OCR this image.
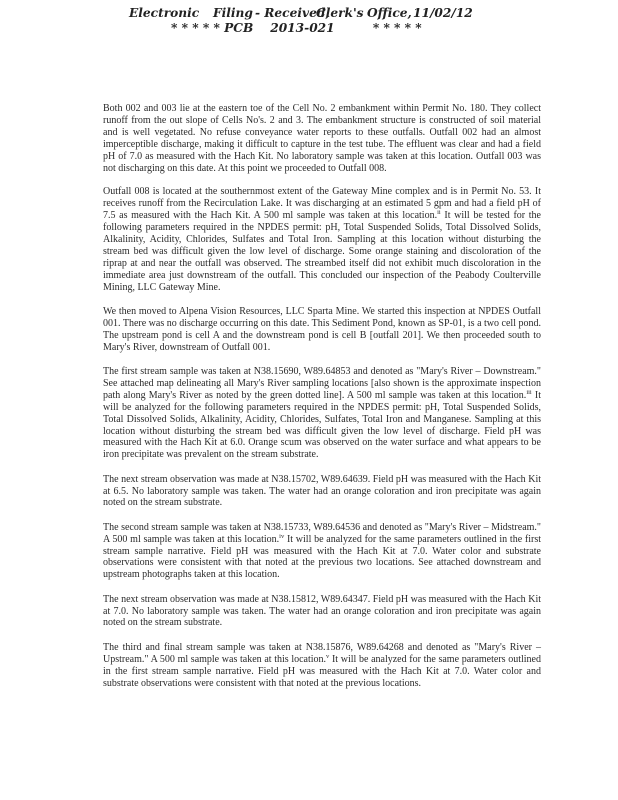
Electronic Filing - Received,
Clerk's Office, 11/02/12
* * * * * PCB    2013-021         * * * * *

Both 002 and 003 lie at the eastern toe of the Cell No. 2 embankment within Permit No. 180. They collect runoff from the out slope of Cells No's. 2 and 3. The embankment structure is constructed of soil material and is well vegetated. No refuse conveyance water reports to these outfalls. Outfall 002 had an almost imperceptible discharge, making it difficult to capture in the test tube. The effluent was clear and had a field pH of 7.0 as measured with the Hach Kit. No laboratory sample was taken at this location. Outfall 003 was not discharging on this date. At this point we proceeded to Outfall 008.

Outfall 008 is located at the southernmost extent of the Gateway Mine complex and is in Permit No. 53. It receives runoff from the Recirculation Lake. It was discharging at an estimated 5 gpm and had a field pH of 7.5 as measured with the Hach Kit. A 500 ml sample was taken at this location.$^{ii}$ It will be tested for the following parameters required in the NPDES permit: pH, Total Suspended Solids, Total Dissolved Solids, Alkalinity, Acidity, Chlorides, Sulfates and Total Iron. Sampling at this location without disturbing the stream bed was difficult given the low level of discharge. Some orange staining and discoloration of the riprap at and near the outfall was observed. The streambed itself did not exhibit much discoloration in the immediate area just downstream of the outfall. This concluded our inspection of the Peabody Coulterville Mining, LLC Gateway Mine.

We then moved to Alpena Vision Resources, LLC Sparta Mine. We started this inspection at NPDES Outfall 001. There was no discharge occurring on this date. This Sediment Pond, known as SP-01, is a two cell pond. The upstream pond is cell A and the downstream pond is cell B [outfall 201]. We then proceeded south to Mary's River, downstream of Outfall 001.

The first stream sample was taken at N38.15690, W89.64853 and denoted as "Mary's River – Downstream." See attached map delineating all Mary's River sampling locations [also shown is the approximate inspection path along Mary's River as noted by the green dotted line]. A 500 ml sample was taken at this location.$^{iii}$ It will be analyzed for the following parameters required in the NPDES permit: pH, Total Suspended Solids, Total Dissolved Solids, Alkalinity, Acidity, Chlorides, Sulfates, Total Iron and Manganese. Sampling at this location without disturbing the stream bed was difficult given the low level of discharge. Field pH was measured with the Hach Kit at 6.0. Orange scum was observed on the water surface and what appears to be iron precipitate was prevalent on the stream substrate.

The next stream observation was made at N38.15702, W89.64639. Field pH was measured with the Hach Kit at 6.5. No laboratory sample was taken. The water had an orange coloration and iron precipitate was again noted on the stream substrate.

The second stream sample was taken at N38.15733, W89.64536 and denoted as "Mary's River – Midstream." A 500 ml sample was taken at this location.$^{iv}$ It will be analyzed for the same parameters outlined in the first stream sample narrative. Field pH was measured with the Hach Kit at 7.0. Water color and substrate observations were consistent with that noted at the previous two locations. See attached downstream and upstream photographs taken at this location.

The next stream observation was made at N38.15812, W89.64347. Field pH was measured with the Hach Kit at 7.0. No laboratory sample was taken. The water had an orange coloration and iron precipitate was again noted on the stream substrate.

The third and final stream sample was taken at N38.15876, W89.64268 and denoted as "Mary's River – Upstream." A 500 ml sample was taken at this location.$^v$ It will be analyzed for the same parameters outlined in the first stream sample narrative. Field pH was measured with the Hach Kit at 7.0. Water color and substrate observations were consistent with that noted at the previous locations.
